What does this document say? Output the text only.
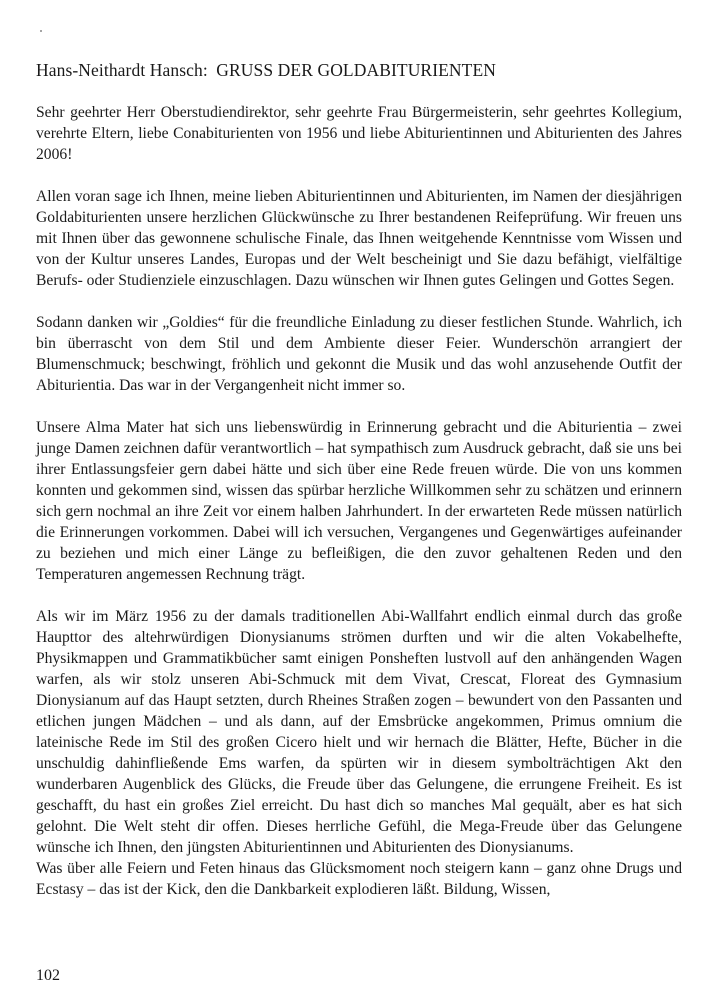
Hans-Neithardt Hansch: GRUSS DER GOLDABITURIENTEN

Sehr geehrter Herr Oberstudiendirektor, sehr geehrte Frau Bürgermeisterin, sehr geehrtes Kollegium, verehrte Eltern, liebe Conabiturienten von 1956 und liebe Abiturientinnen und Abiturienten des Jahres 2006!

Allen voran sage ich Ihnen, meine lieben Abiturientinnen und Abiturienten, im Namen der diesjährigen Goldabiturienten unsere herzlichen Glückwünsche zu Ihrer bestandenen Reifeprüfung. Wir freuen uns mit Ihnen über das gewonnene schulische Finale, das Ihnen weitgehende Kenntnisse vom Wissen und von der Kultur unseres Landes, Europas und der Welt bescheinigt und Sie dazu befähigt, vielfältige Berufs- oder Studienziele einzuschlagen. Dazu wünschen wir Ihnen gutes Gelingen und Gottes Segen.

Sodann danken wir „Goldies“ für die freundliche Einladung zu dieser festlichen Stunde. Wahrlich, ich bin überrascht von dem Stil und dem Ambiente dieser Feier. Wunderschön arrangiert der Blumenschmuck; beschwingt, fröhlich und gekonnt die Musik und das wohl anzusehende Outfit der Abiturientia. Das war in der Vergangenheit nicht immer so.

Unsere Alma Mater hat sich uns liebenswürdig in Erinnerung gebracht und die Abiturientia – zwei junge Damen zeichnen dafür verantwortlich – hat sympathisch zum Ausdruck gebracht, daß sie uns bei ihrer Entlassungsfeier gern dabei hätte und sich über eine Rede freuen würde. Die von uns kommen konnten und gekommen sind, wissen das spürbar herzliche Willkommen sehr zu schätzen und erinnern sich gern nochmal an ihre Zeit vor einem halben Jahrhundert. In der erwarteten Rede müssen natürlich die Erinnerungen vorkommen. Dabei will ich versuchen, Vergangenes und Gegenwärtiges aufeinander zu beziehen und mich einer Länge zu befleißigen, die den zuvor gehaltenen Reden und den Temperaturen angemessen Rechnung trägt.

Als wir im März 1956 zu der damals traditionellen Abi-Wallfahrt endlich einmal durch das große Haupttor des altehrwürdigen Dionysianums strömen durften und wir die alten Vokabelhefte, Physikmappen und Grammatikbücher samt einigen Ponsheften lustvoll auf den anhängenden Wagen warfen, als wir stolz unseren Abi-Schmuck mit dem Vivat, Crescat, Floreat des Gymnasium Dionysianum auf das Haupt setzten, durch Rheines Straßen zogen – bewundert von den Passanten und etlichen jungen Mädchen – und als dann, auf der Emsbrücke angekommen, Primus omnium die lateinische Rede im Stil des großen Cicero hielt und wir hernach die Blätter, Hefte, Bücher in die unschuldig dahinfließende Ems warfen, da spürten wir in diesem symbolträchtigen Akt den wunderbaren Augenblick des Glücks, die Freude über das Gelungene, die errungene Freiheit. Es ist geschafft, du hast ein großes Ziel erreicht. Du hast dich so manches Mal gequält, aber es hat sich gelohnt. Die Welt steht dir offen. Dieses herrliche Gefühl, die Mega-Freude über das Gelungene wünsche ich Ihnen, den jüngsten Abiturientinnen und Abiturienten des Dionysianums.

Was über alle Feiern und Feten hinaus das Glücksmoment noch steigern kann – ganz ohne Drugs und Ecstasy – das ist der Kick, den die Dankbarkeit explodieren läßt. Bildung, Wissen,

102
